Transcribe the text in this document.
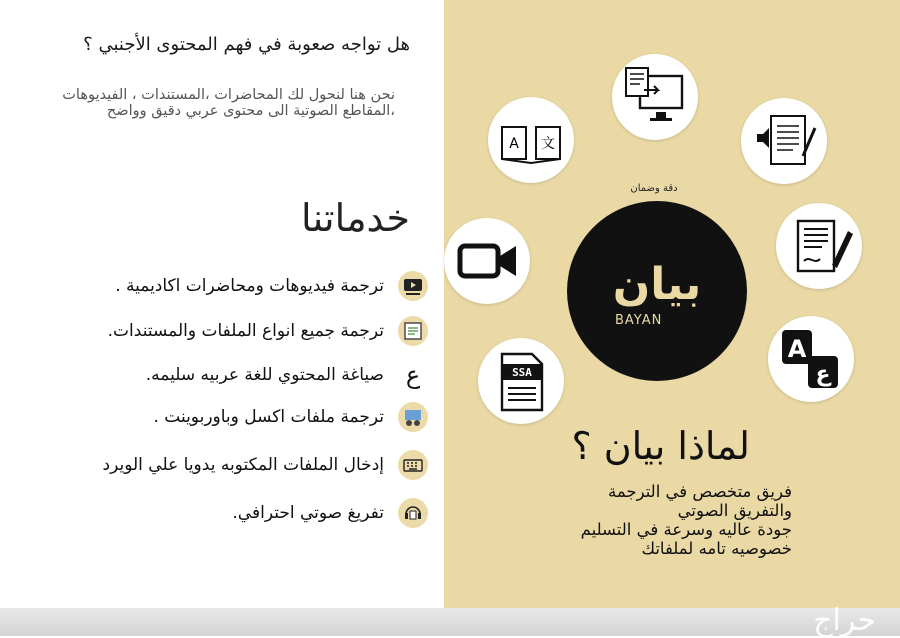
هل تواجه صعوبة في فهم المحتوى الأجنبي ؟
نحن هنا لنحول لك المحاضرات ،المستندات ، الفيديوهات ،المقاطع الصوتية الى محتوى عربي دقيق وواضح
خدماتنا
ترجمة فيديوهات ومحاضرات اكاديمية .
ترجمة جميع انواع الملفات والمستندات.
ع
صياغة المحتوي للغة عربيه سليمه.
ترجمة ملفات اكسل وباوربوينت .
إدخال الملفات المكتوبه يدويا علي الويرد
تفريغ صوتي احترافي.
A 文
A
ع
SSA
دقة وضمان
بيان
BAYAN
لماذا بيان ؟
فريق متخصص في الترجمة
والتفريق الصوتي
جودة عاليه وسرعة في التسليم
خصوصيه تامه لملفاتك
حراج
